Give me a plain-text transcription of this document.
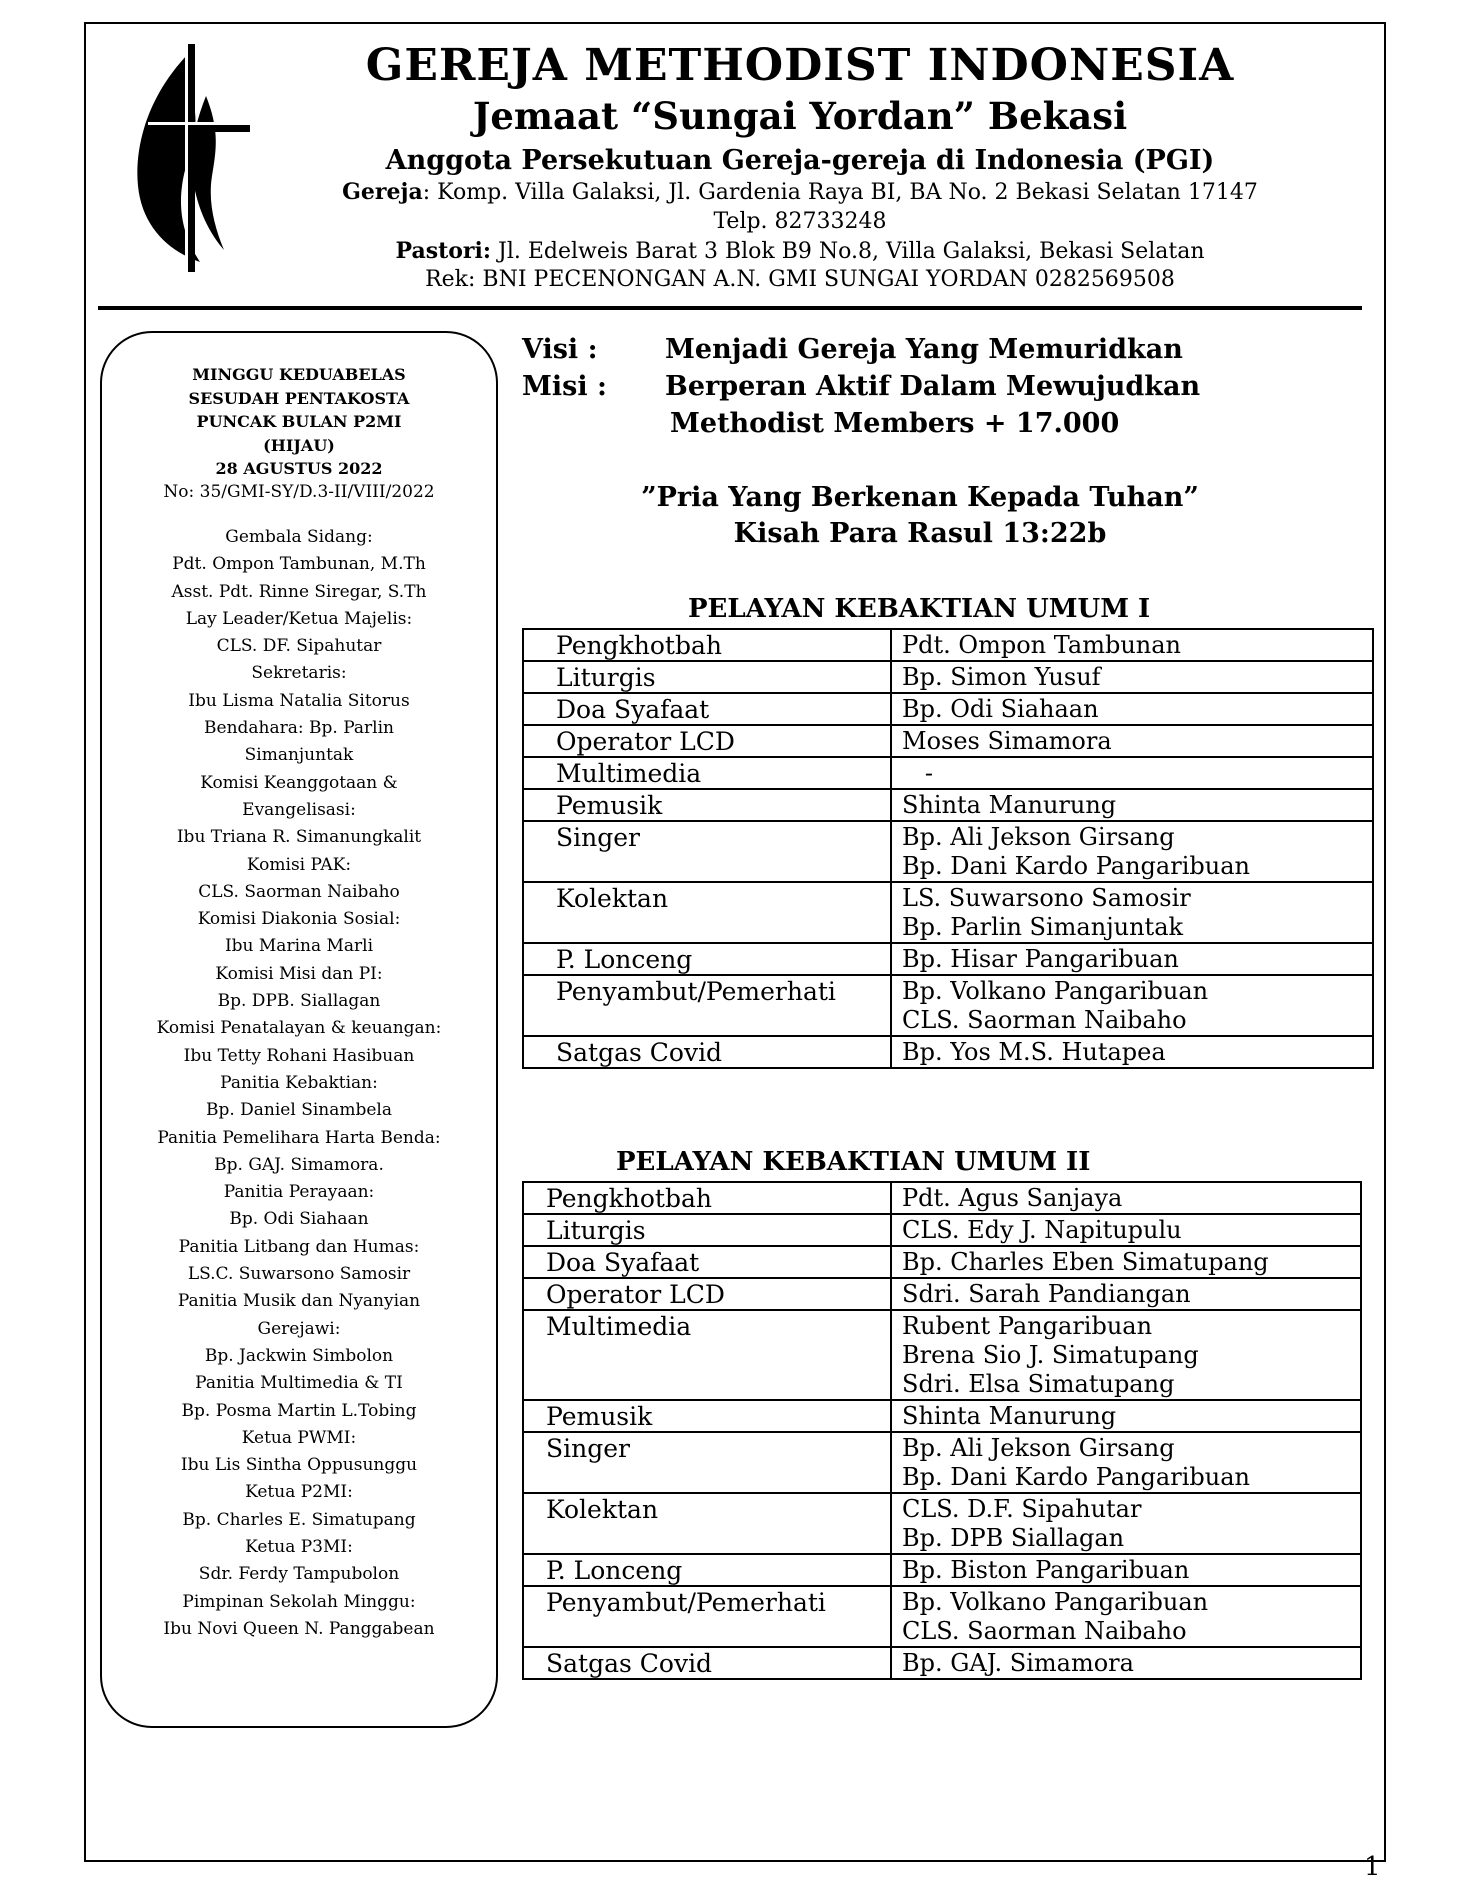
GEREJA METHODIST INDONESIA
Jemaat “Sungai Yordan” Bekasi
Anggota Persekutuan Gereja-gereja di Indonesia (PGI)
Gereja: Komp. Villa Galaksi, Jl. Gardenia Raya BI, BA No. 2 Bekasi Selatan 17147
Telp. 82733248
Pastori: Jl. Edelweis Barat 3 Blok B9 No.8, Villa Galaksi, Bekasi Selatan
Rek: BNI PECENONGAN A.N. GMI SUNGAI YORDAN 0282569508
MINGGU KEDUABELAS
SESUDAH PENTAKOSTA
PUNCAK BULAN P2MI
(HIJAU)
28 AGUSTUS 2022
No: 35/GMI-SY/D.3-II/VIII/2022
Gembala Sidang:
Pdt. Ompon Tambunan, M.Th
Asst. Pdt. Rinne Siregar, S.Th
Lay Leader/Ketua Majelis:
CLS. DF. Sipahutar
Sekretaris:
Ibu Lisma Natalia Sitorus
Bendahara: Bp. Parlin
Simanjuntak
Komisi Keanggotaan &
Evangelisasi:
Ibu Triana R. Simanungkalit
Komisi PAK:
CLS. Saorman Naibaho
Komisi Diakonia Sosial:
Ibu Marina Marli
Komisi Misi dan PI:
Bp. DPB. Siallagan
Komisi Penatalayan & keuangan:
Ibu Tetty Rohani Hasibuan
Panitia Kebaktian:
Bp. Daniel Sinambela
Panitia Pemelihara Harta Benda:
Bp. GAJ. Simamora.
Panitia Perayaan:
Bp. Odi Siahaan
Panitia Litbang dan Humas:
LS.C. Suwarsono Samosir
Panitia Musik dan Nyanyian
Gerejawi:
Bp. Jackwin Simbolon
Panitia Multimedia & TI
Bp. Posma Martin L.Tobing
Ketua PWMI:
Ibu Lis Sintha Oppusunggu
Ketua P2MI:
Bp. Charles E. Simatupang
Ketua P3MI:
Sdr. Ferdy Tampubolon
Pimpinan Sekolah Minggu:
Ibu Novi Queen N. Panggabean
Visi : Menjadi Gereja Yang Memuridkan
Misi : Berperan Aktif Dalam Mewujudkan
Methodist Members + 17.000
”Pria Yang Berkenan Kepada Tuhan”
Kisah Para Rasul 13:22b
PELAYAN KEBAKTIAN UMUM I
Pengkhotbah	Pdt. Ompon Tambunan

Liturgis	Bp. Simon Yusuf

Doa Syafaat	Bp. Odi Siahaan

Operator LCD	Moses Simamora

Multimedia	-

Pemusik	Shinta Manurung

Singer	Bp. Ali Jekson Girsang
Bp. Dani Kardo Pangaribuan

Kolektan	LS. Suwarsono Samosir
Bp. Parlin Simanjuntak

P. Lonceng	Bp. Hisar Pangaribuan

Penyambut/Pemerhati	Bp. Volkano Pangaribuan
CLS. Saorman Naibaho

Satgas Covid	Bp. Yos M.S. Hutapea
PELAYAN KEBAKTIAN UMUM II
Pengkhotbah	Pdt. Agus Sanjaya

Liturgis	CLS. Edy J. Napitupulu

Doa Syafaat	Bp. Charles Eben Simatupang

Operator LCD	Sdri. Sarah Pandiangan

Multimedia	Rubent Pangaribuan
Brena Sio J. Simatupang
Sdri. Elsa Simatupang

Pemusik	Shinta Manurung

Singer	Bp. Ali Jekson Girsang
Bp. Dani Kardo Pangaribuan

Kolektan	CLS. D.F. Sipahutar
Bp. DPB Siallagan

P. Lonceng	Bp. Biston Pangaribuan

Penyambut/Pemerhati	Bp. Volkano Pangaribuan
CLS. Saorman Naibaho

Satgas Covid	Bp. GAJ. Simamora
1
